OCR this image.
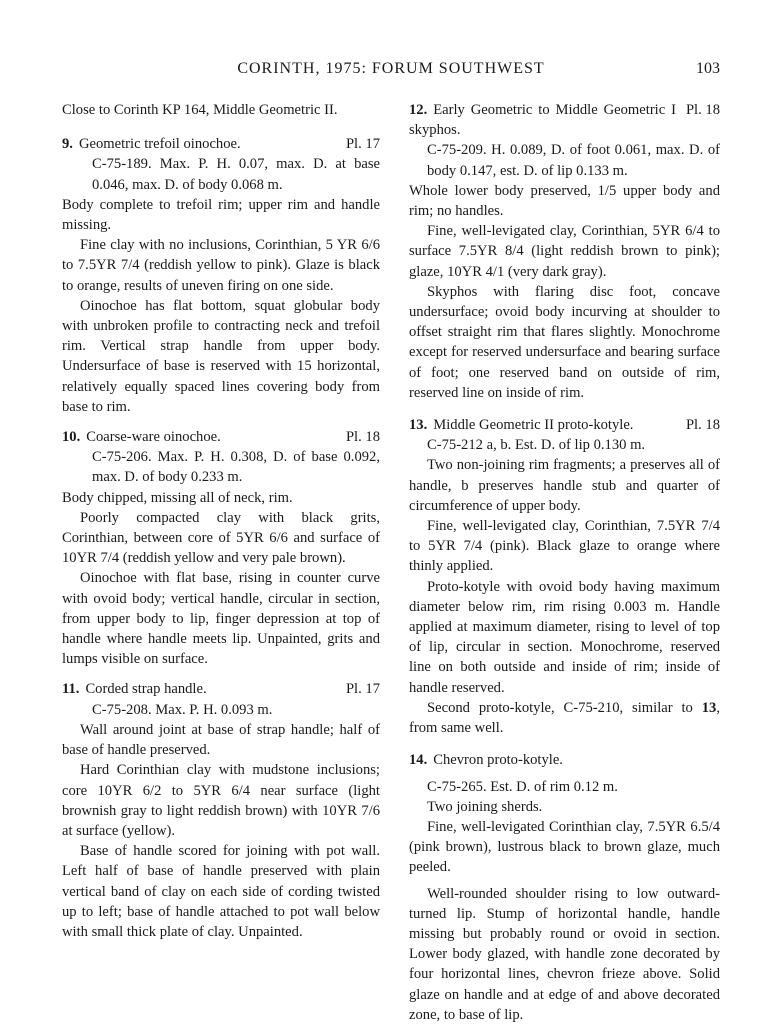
CORINTH, 1975: FORUM SOUTHWEST	103

Close to Corinth KP 164, Middle Geometric II.

9. Geometric trefoil oinochoe.	Pl. 17

C-75-189. Max. P. H. 0.07, max. D. at base 0.046, max. D. of body 0.068 m.

Body complete to trefoil rim; upper rim and handle missing.

Fine clay with no inclusions, Corinthian, 5 YR 6/6 to 7.5YR 7/4 (reddish yellow to pink). Glaze is black to orange, results of uneven firing on one side.

Oinochoe has flat bottom, squat globular body with unbroken profile to contracting neck and trefoil rim. Vertical strap handle from upper body. Undersurface of base is reserved with 15 horizontal, relatively equally spaced lines covering body from base to rim.

10. Coarse-ware oinochoe.	Pl. 18

C-75-206. Max. P. H. 0.308, D. of base 0.092, max. D. of body 0.233 m.

Body chipped, missing all of neck, rim.

Poorly compacted clay with black grits, Corinthian, between core of 5YR 6/6 and surface of 10YR 7/4 (reddish yellow and very pale brown).

Oinochoe with flat base, rising in counter curve with ovoid body; vertical handle, circular in section, from upper body to lip, finger depression at top of handle where handle meets lip. Unpainted, grits and lumps visible on surface.

11. Corded strap handle.	Pl. 17

C-75-208. Max. P. H. 0.093 m.

Wall around joint at base of strap handle; half of base of handle preserved.

Hard Corinthian clay with mudstone inclusions; core 10YR 6/2 to 5YR 6/4 near surface (light brownish gray to light reddish brown) with 10YR 7/6 at surface (yellow).

Base of handle scored for joining with pot wall. Left half of base of handle preserved with plain vertical band of clay on each side of cording twisted up to left; base of handle attached to pot wall below with small thick plate of clay. Unpainted.

12. Early Geometric to Middle Geometric I skyphos.
Pl. 18

C-75-209. H. 0.089, D. of foot 0.061, max. D. of body 0.147, est. D. of lip 0.133 m.

Whole lower body preserved, 1/5 upper body and rim; no handles.

Fine, well-levigated clay, Corinthian, 5YR 6/4 to surface 7.5YR 8/4 (light reddish brown to pink); glaze, 10YR 4/1 (very dark gray).

Skyphos with flaring disc foot, concave undersurface; ovoid body incurving at shoulder to offset straight rim that flares slightly. Monochrome except for reserved undersurface and bearing surface of foot; one reserved band on outside of rim, reserved line on inside of rim.

13. Middle Geometric II proto-kotyle.	Pl. 18

C-75-212 a, b. Est. D. of lip 0.130 m.

Two non-joining rim fragments; a preserves all of handle, b preserves handle stub and quarter of circumference of upper body.

Fine, well-levigated clay, Corinthian, 7.5YR 7/4 to 5YR 7/4 (pink). Black glaze to orange where thinly applied.

Proto-kotyle with ovoid body having maximum diameter below rim, rim rising 0.003 m. Handle applied at maximum diameter, rising to level of top of lip, circular in section. Monochrome, reserved line on both outside and inside of rim; inside of handle reserved.

Second proto-kotyle, C-75-210, similar to 13, from same well.

14. Chevron proto-kotyle.

C-75-265. Est. D. of rim 0.12 m.

Two joining sherds.

Fine, well-levigated Corinthian clay, 7.5YR 6.5/4 (pink brown), lustrous black to brown glaze, much peeled.

Well-rounded shoulder rising to low outward-turned lip. Stump of horizontal handle, handle missing but probably round or ovoid in section. Lower body glazed, with handle zone decorated by four horizontal lines, chevron frieze above. Solid glaze on handle and at edge of and above decorated zone, to base of lip.
